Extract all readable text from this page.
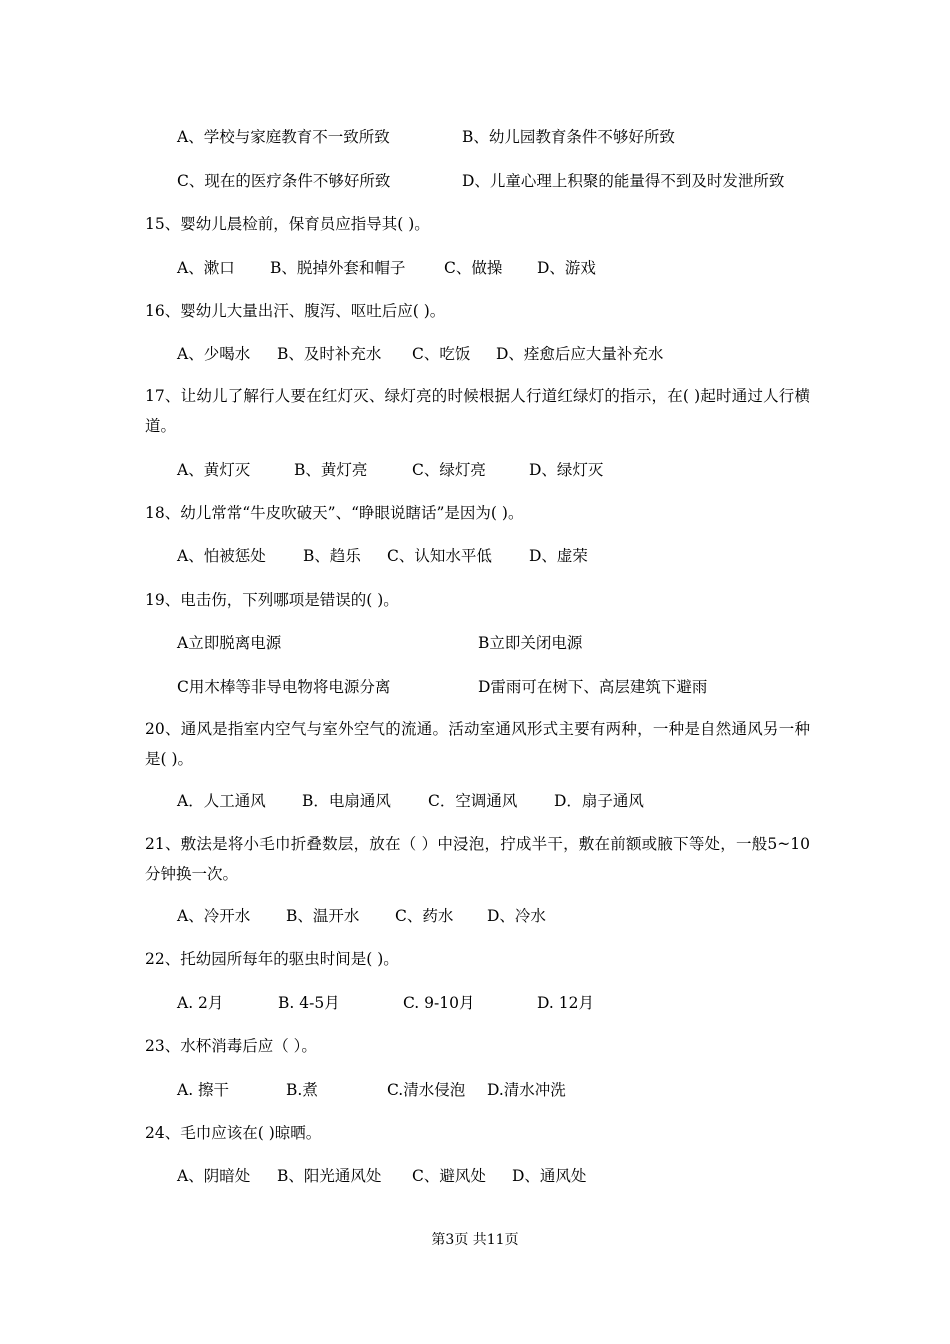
A、学校与家庭教育不一致所致	B、幼儿园教育条件不够好所致
C、现在的医疗条件不够好所致	D、儿童心理上积聚的能量得不到及时发泄所致
15、婴幼儿晨检前，保育员应指导其( )。
A、漱口 B、脱掉外套和帽子 C、做操 D、游戏
16、婴幼儿大量出汗、腹泻、呕吐后应( )。
A、少喝水 B、及时补充水 C、吃饭 D、痊愈后应大量补充水
17、让幼儿了解行人要在红灯灭、绿灯亮的时候根据人行道红绿灯的指示，在( )起时通过人行横道。
A、黄灯灭	B、黄灯亮	C、绿灯亮	D、绿灯灭
18、幼儿常常“牛皮吹破天”、“睁眼说瞎话”是因为( )。
A、怕被惩处 B、趋乐 C、认知水平低 D、虚荣
19、电击伤，下列哪项是错误的( )。
A立即脱离电源	B立即关闭电源
C用木棒等非导电物将电源分离	D雷雨可在树下、高层建筑下避雨
20、通风是指室内空气与室外空气的流通。活动室通风形式主要有两种，一种是自然通风另一种是( )。
A．人工通风 B．电扇通风 C．空调通风 D．扇子通风
21、敷法是将小毛巾折叠数层，放在（ ）中浸泡，拧成半干，敷在前额或腋下等处，一般5~10分钟换一次。
A、冷开水 B、温开水 C、药水 D、冷水
22、托幼园所每年的驱虫时间是( )。
A. 2月	B. 4-5月	C. 9-10月	D. 12月
23、水杯消毒后应（ ）。
A. 擦干	B.煮	C.清水侵泡 D.清水冲洗
24、毛巾应该在( )晾晒。
A、阴暗处 B、阳光通风处 C、避风处 D、通风处
第3页 共11页
